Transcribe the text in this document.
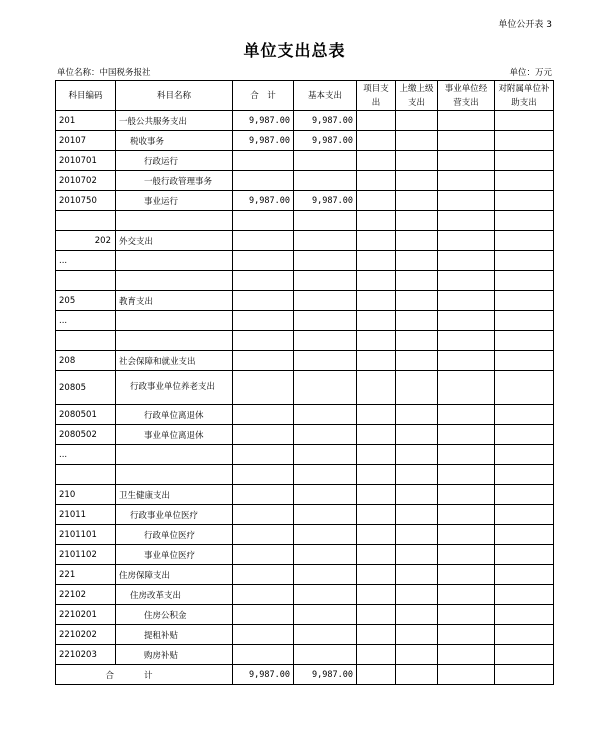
单位公开表 3
单位支出总表
单位名称：中国税务报社	单位：万元
科目编码	科目名称	合　计	基本支出	项目支出	上缴上级支出	事业单位经营支出	对附属单位补助支出
201	一般公共服务支出	9,987.00	9,987.00				
20107	税收事务	9,987.00	9,987.00				
2010701	行政运行						
2010702	一般行政管理事务						
2010750	事业运行	9,987.00	9,987.00				

202	外交支出						
...							

205	教育支出						
...							

208	社会保障和就业支出						
20805	行政事业单位养老支出						
2080501	行政单位离退休						
2080502	事业单位离退休						
...							

210	卫生健康支出						
21011	行政事业单位医疗						
2101101	行政单位医疗						
2101102	事业单位医疗						
221	住房保障支出						
22102	住房改革支出						
2210201	住房公积金						
2210202	提租补贴						
2210203	购房补贴						
合计		9,987.00	9,987.00				
